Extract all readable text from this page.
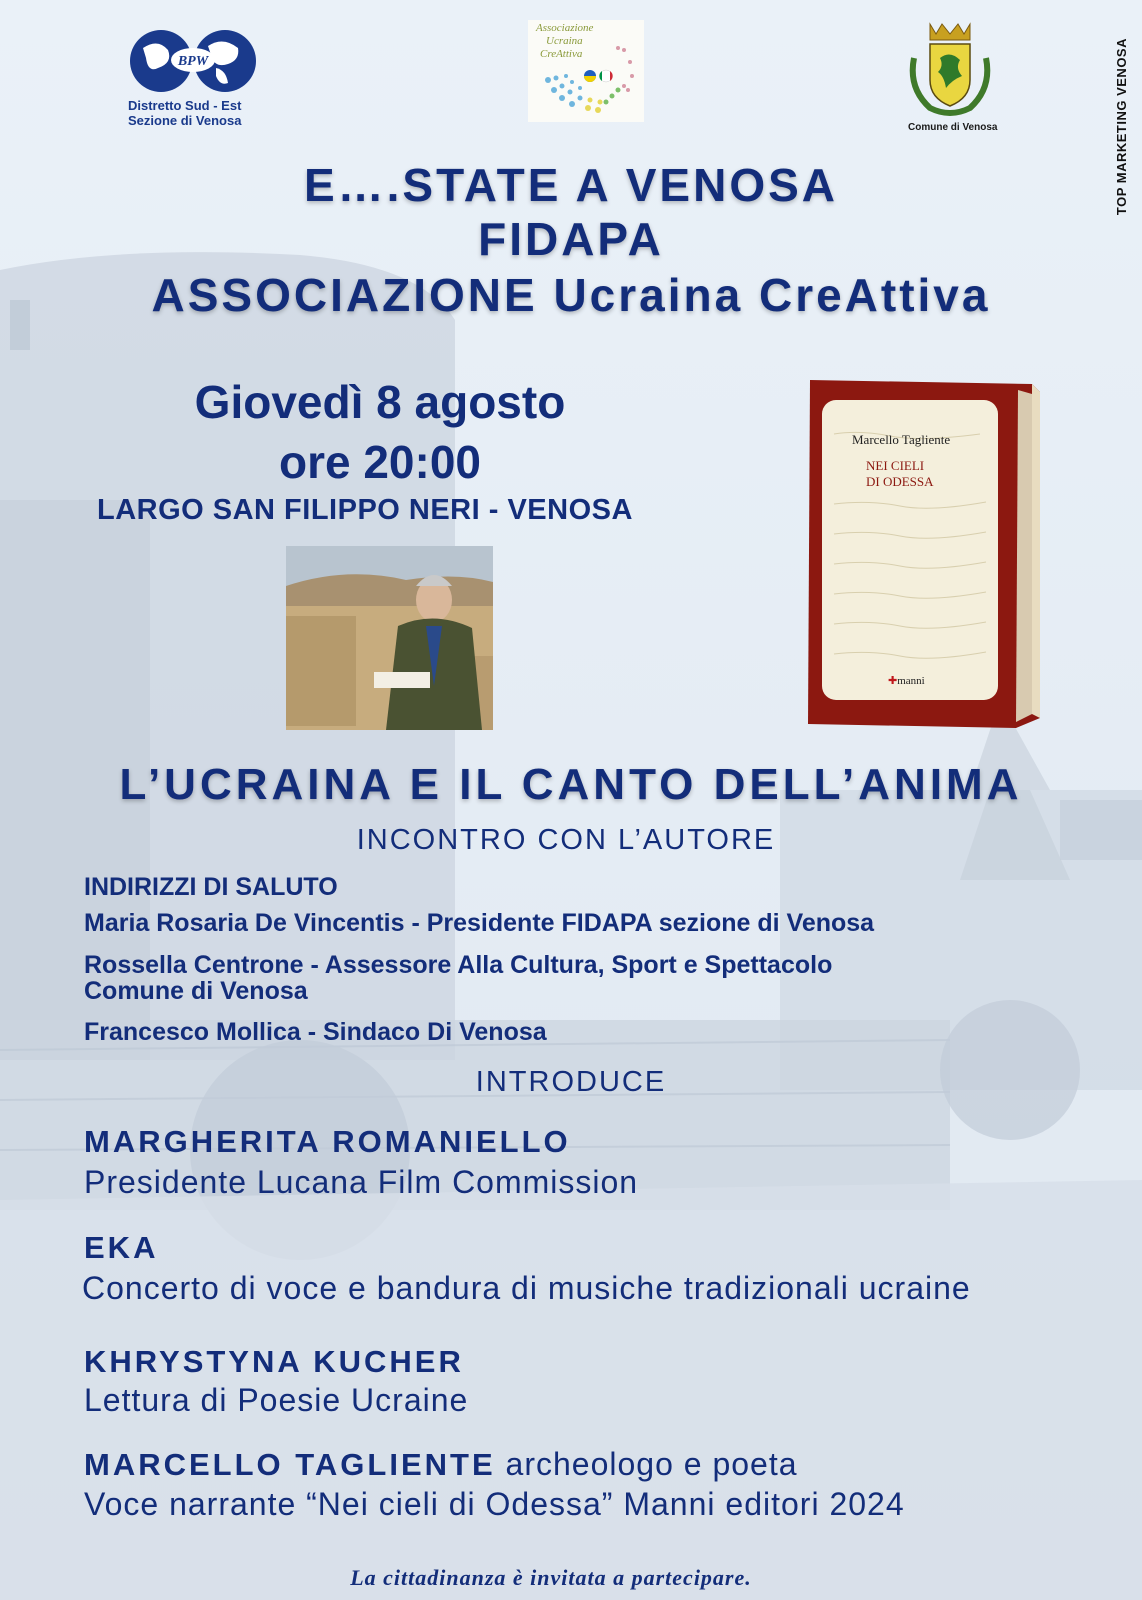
BPW
Distretto Sud - Est
Sezione di Venosa
Associazione
Ucraina
CreAttiva
Comune di Venosa	TOP MARKETING VENOSA
E….STATE A VENOSA
FIDAPA
ASSOCIAZIONE Ucraina CreAttiva
Giovedì 8 agosto
ore 20:00
LARGO SAN FILIPPO NERI - VENOSA
Marcello Tagliente
NEI CIELI
DI ODESSA
✚manni
L’UCRAINA E IL CANTO DELL’ANIMA
INCONTRO CON L’AUTORE
INDIRIZZI DI SALUTO
Maria Rosaria De Vincentis - Presidente FIDAPA sezione di Venosa
Rossella Centrone - Assessore Alla Cultura, Sport e Spettacolo
Comune di Venosa
Francesco Mollica - Sindaco Di Venosa
INTRODUCE
MARGHERITA ROMANIELLO
Presidente Lucana Film Commission
EKA
Concerto di voce e bandura di musiche tradizionali ucraine
KHRYSTYNA KUCHER
Lettura di Poesie Ucraine
MARCELLO TAGLIENTE archeologo e poeta
Voce narrante “Nei cieli di Odessa” Manni editori 2024
La cittadinanza è invitata a partecipare.
